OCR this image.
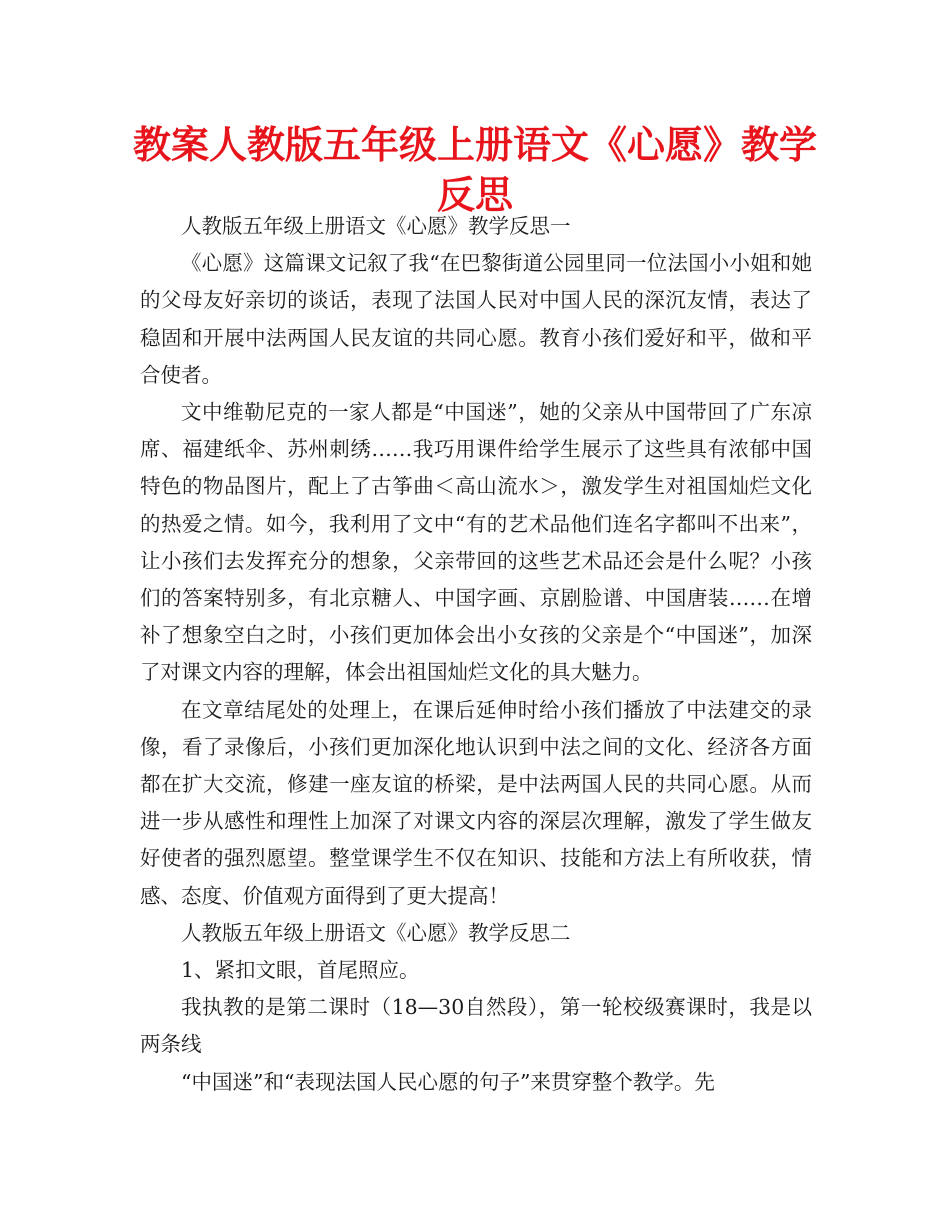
教案人教版五年级上册语文《心愿》教学反思

人教版五年级上册语文《心愿》教学反思一

《心愿》这篇课文记叙了我“在巴黎街道公园里同一位法国小小姐和她的父母友好亲切的谈话，表现了法国人民对中国人民的深沉友情，表达了稳固和开展中法两国人民友谊的共同心愿。教育小孩们爱好和平，做和平合使者。

文中维勒尼克的一家人都是“中国迷”，她的父亲从中国带回了广东凉席、福建纸伞、苏州刺绣……我巧用课件给学生展示了这些具有浓郁中国特色的物品图片，配上了古筝曲＜高山流水＞，激发学生对祖国灿烂文化的热爱之情。如今，我利用了文中“有的艺术品他们连名字都叫不出来”，让小孩们去发挥充分的想象，父亲带回的这些艺术品还会是什么呢？小孩们的答案特别多，有北京糖人、中国字画、京剧脸谱、中国唐装……在增补了想象空白之时，小孩们更加体会出小女孩的父亲是个“中国迷”，加深了对课文内容的理解，体会出祖国灿烂文化的具大魅力。

在文章结尾处的处理上，在课后延伸时给小孩们播放了中法建交的录像，看了录像后，小孩们更加深化地认识到中法之间的文化、经济各方面都在扩大交流，修建一座友谊的桥梁，是中法两国人民的共同心愿。从而进一步从感性和理性上加深了对课文内容的深层次理解，激发了学生做友好使者的强烈愿望。整堂课学生不仅在知识、技能和方法上有所收获，情感、态度、价值观方面得到了更大提高！

人教版五年级上册语文《心愿》教学反思二

1、紧扣文眼，首尾照应。

我执教的是第二课时（18—30自然段），第一轮校级赛课时，我是以两条线

“中国迷”和“表现法国人民心愿的句子”来贯穿整个教学。先
